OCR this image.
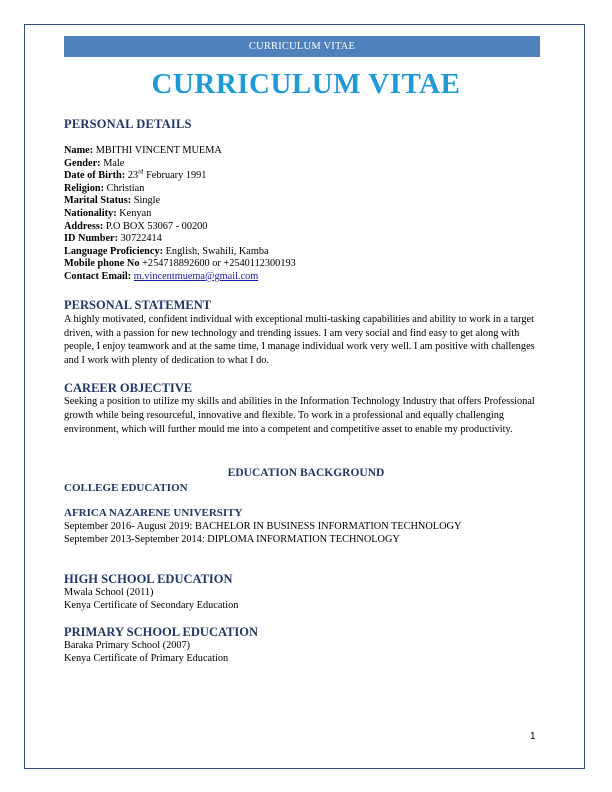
CURRICULUM VITAE
CURRICULUM VITAE
PERSONAL DETAILS
Name: MBITHI VINCENT MUEMA
Gender: Male
Date of Birth: 23rd February 1991
Religion: Christian
Marital Status: Single
Nationality: Kenyan
Address: P.O BOX 53067 - 00200
ID Number: 30722414
Language Proficiency: English, Swahili, Kamba
Mobile phone No +254718892600 or +2540112300193
Contact Email: m.vincentmuema@gmail.com
PERSONAL STATEMENT
A highly motivated, confident individual with exceptional multi-tasking capabilities and ability to work in a target driven, with a passion for new technology and trending issues. I am very social and find easy to get along with people, I enjoy teamwork and at the same time, I manage individual work very well. I am positive with challenges and I work with plenty of dedication to what I do.
CAREER OBJECTIVE
Seeking a position to utilize my skills and abilities in the Information Technology Industry that offers Professional growth while being resourceful, innovative and flexible. To work in a professional and equally challenging environment, which will further mould me into a competent and competitive asset to enable my productivity.
EDUCATION BACKGROUND
COLLEGE EDUCATION
AFRICA NAZARENE UNIVERSITY
September 2016- August 2019: BACHELOR IN BUSINESS INFORMATION TECHNOLOGY
September 2013-September 2014: DIPLOMA INFORMATION TECHNOLOGY
HIGH SCHOOL EDUCATION
Mwala School (2011)
Kenya Certificate of Secondary Education
PRIMARY SCHOOL EDUCATION
Baraka Primary School (2007)
Kenya Certificate of Primary Education
1
